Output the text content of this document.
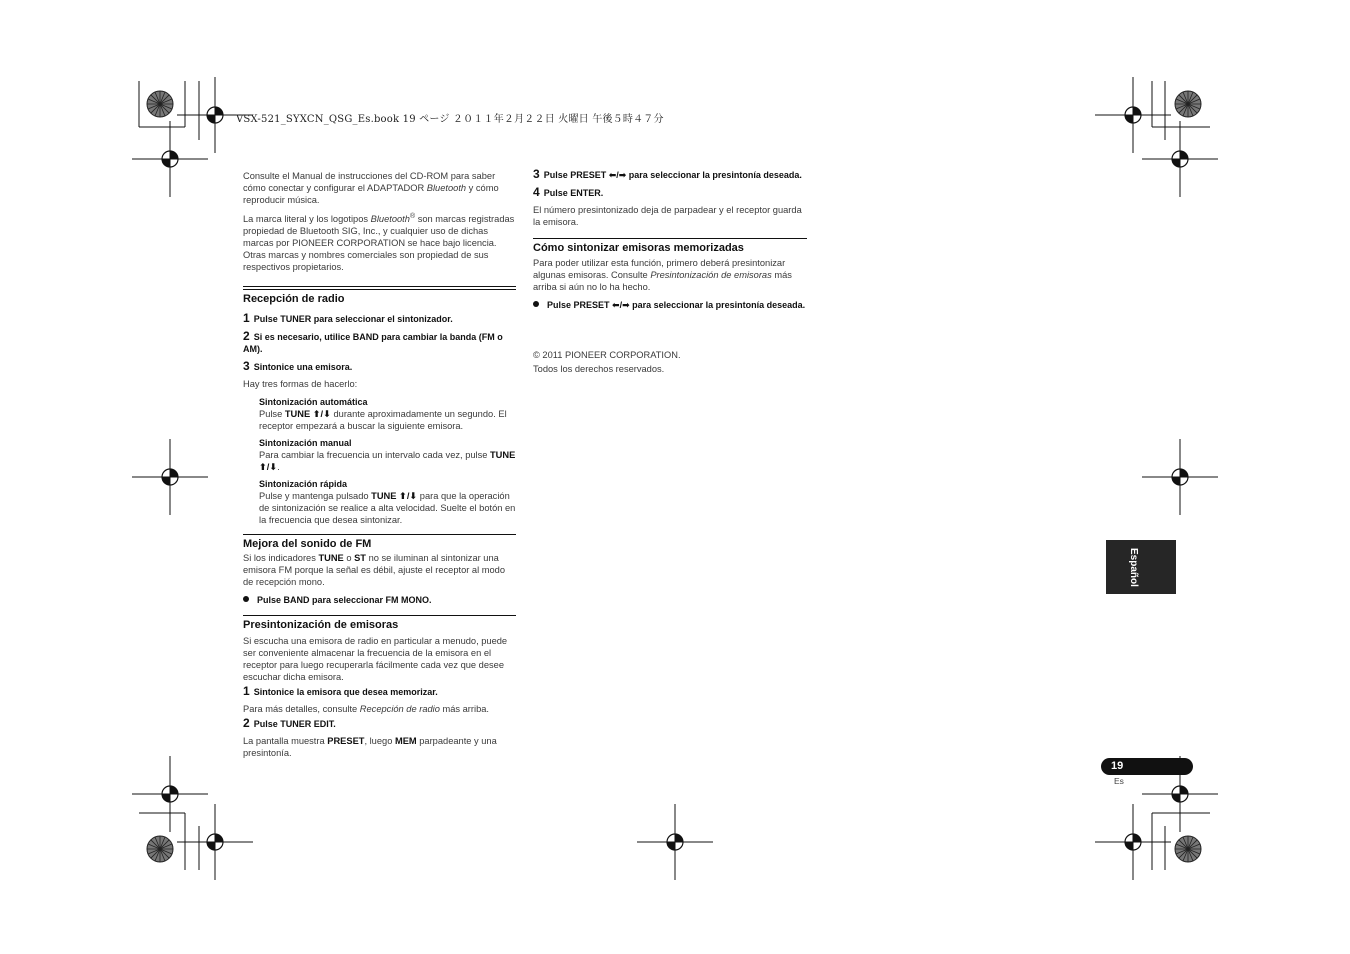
VSX-521_SYXCN_QSG_Es.book 19 ページ ２０１１年２月２２日 火曜日 午後５時４７分

Consulte el Manual de instrucciones del CD-ROM para saber cómo conectar y configurar el ADAPTADOR Bluetooth y cómo reproducir música.

La marca literal y los logotipos Bluetooth® son marcas registradas propiedad de Bluetooth SIG, Inc., y cualquier uso de dichas marcas por PIONEER CORPORATION se hace bajo licencia. Otras marcas y nombres comerciales son propiedad de sus respectivos propietarios.

Recepción de radio

1 Pulse TUNER para seleccionar el sintonizador.

2 Si es necesario, utilice BAND para cambiar la banda (FM o AM).

3 Sintonice una emisora.

Hay tres formas de hacerlo:

Sintonización automática

Pulse TUNE ⬆/⬇ durante aproximadamente un segundo. El receptor empezará a buscar la siguiente emisora.

Sintonización manual

Para cambiar la frecuencia un intervalo cada vez, pulse TUNE ⬆/⬇.

Sintonización rápida

Pulse y mantenga pulsado TUNE ⬆/⬇ para que la operación de sintonización se realice a alta velocidad. Suelte el botón en la frecuencia que desea sintonizar.

Mejora del sonido de FM

Si los indicadores TUNE o ST no se iluminan al sintonizar una emisora FM porque la señal es débil, ajuste el receptor al modo de recepción mono.

Pulse BAND para seleccionar FM MONO.

Presintonización de emisoras

Si escucha una emisora de radio en particular a menudo, puede ser conveniente almacenar la frecuencia de la emisora en el receptor para luego recuperarla fácilmente cada vez que desee escuchar dicha emisora.

1 Sintonice la emisora que desea memorizar.

Para más detalles, consulte Recepción de radio más arriba.

2 Pulse TUNER EDIT.

La pantalla muestra PRESET, luego MEM parpadeante y una presintonía.

3 Pulse PRESET ⬅/➡ para seleccionar la presintonía deseada.

4 Pulse ENTER.

El número presintonizado deja de parpadear y el receptor guarda la emisora.

Cómo sintonizar emisoras memorizadas

Para poder utilizar esta función, primero deberá presintonizar algunas emisoras. Consulte Presintonización de emisoras más arriba si aún no lo ha hecho.

Pulse PRESET ⬅/➡ para seleccionar la presintonía deseada.

© 2011 PIONEER CORPORATION.

Todos los derechos reservados.

Español
19
Es
